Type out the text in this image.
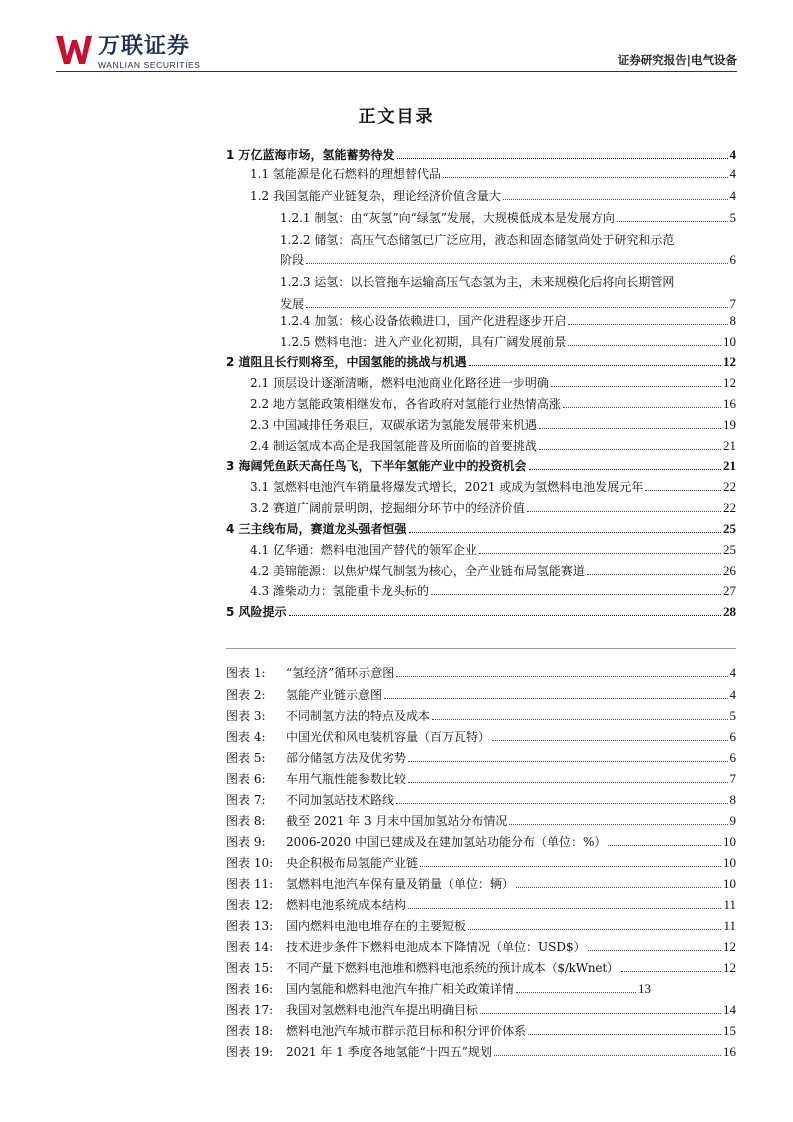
万联证券
WANLIAN SECURITIES	证券研究报告|电气设备
正文目录
1 万亿蓝海市场，氢能蓄势待发	4
1.1 氢能源是化石燃料的理想替代品	4
1.2 我国氢能产业链复杂，理论经济价值含量大	4
1.2.1 制氢：由“灰氢”向“绿氢”发展，大规模低成本是发展方向	5
1.2.2 储氢：高压气态储氢已广泛应用，液态和固态储氢尚处于研究和示范
阶段	6
1.2.3 运氢：以长管拖车运输高压气态氢为主，未来规模化后将向长期管网
发展	7
1.2.4 加氢：核心设备依赖进口，国产化进程逐步开启	8
1.2.5 燃料电池：进入产业化初期，具有广阔发展前景	10
2 道阻且长行则将至，中国氢能的挑战与机遇	12
2.1 顶层设计逐渐清晰，燃料电池商业化路径进一步明确	12
2.2 地方氢能政策相继发布，各省政府对氢能行业热情高涨	16
2.3 中国减排任务艰巨，双碳承诺为氢能发展带来机遇	19
2.4 制运氢成本高企是我国氢能普及所面临的首要挑战	21
3 海阔凭鱼跃天高任鸟飞，下半年氢能产业中的投资机会	21
3.1 氢燃料电池汽车销量将爆发式增长，2021 或成为氢燃料电池发展元年	22
3.2 赛道广阔前景明朗，挖掘细分环节中的经济价值	22
4 三主线布局，赛道龙头强者恒强	25
4.1 亿华通：燃料电池国产替代的领军企业	25
4.2 美锦能源：以焦炉煤气制氢为核心，全产业链布局氢能赛道	26
4.3 潍柴动力：氢能重卡龙头标的	27
5 风险提示	28
图表 1:	“氢经济”循环示意图	4
图表 2:	氢能产业链示意图	4
图表 3:	不同制氢方法的特点及成本	5
图表 4:	中国光伏和风电装机容量（百万瓦特）	6
图表 5:	部分储氢方法及优劣势	6
图表 6:	车用气瓶性能参数比较	7
图表 7:	不同加氢站技术路线	8
图表 8:	截至 2021 年 3 月末中国加氢站分布情况	9
图表 9:	2006-2020 中国已建成及在建加氢站功能分布（单位：%）	10
图表 10:	央企积极布局氢能产业链	10
图表 11:	氢燃料电池汽车保有量及销量（单位：辆）	10
图表 12:	燃料电池系统成本结构	11
图表 13:	国内燃料电池电堆存在的主要短板	11
图表 14:	技术进步条件下燃料电池成本下降情况（单位：USD$）	12
图表 15:	不同产量下燃料电池堆和燃料电池系统的预计成本（$/kWnet）	12
图表 16:	国内氢能和燃料电池汽车推广相关政策详情	13
图表 17:	我国对氢燃料电池汽车提出明确目标	14
图表 18:	燃料电池汽车城市群示范目标和积分评价体系	15
图表 19:	2021 年 1 季度各地氢能“十四五”规划	16
